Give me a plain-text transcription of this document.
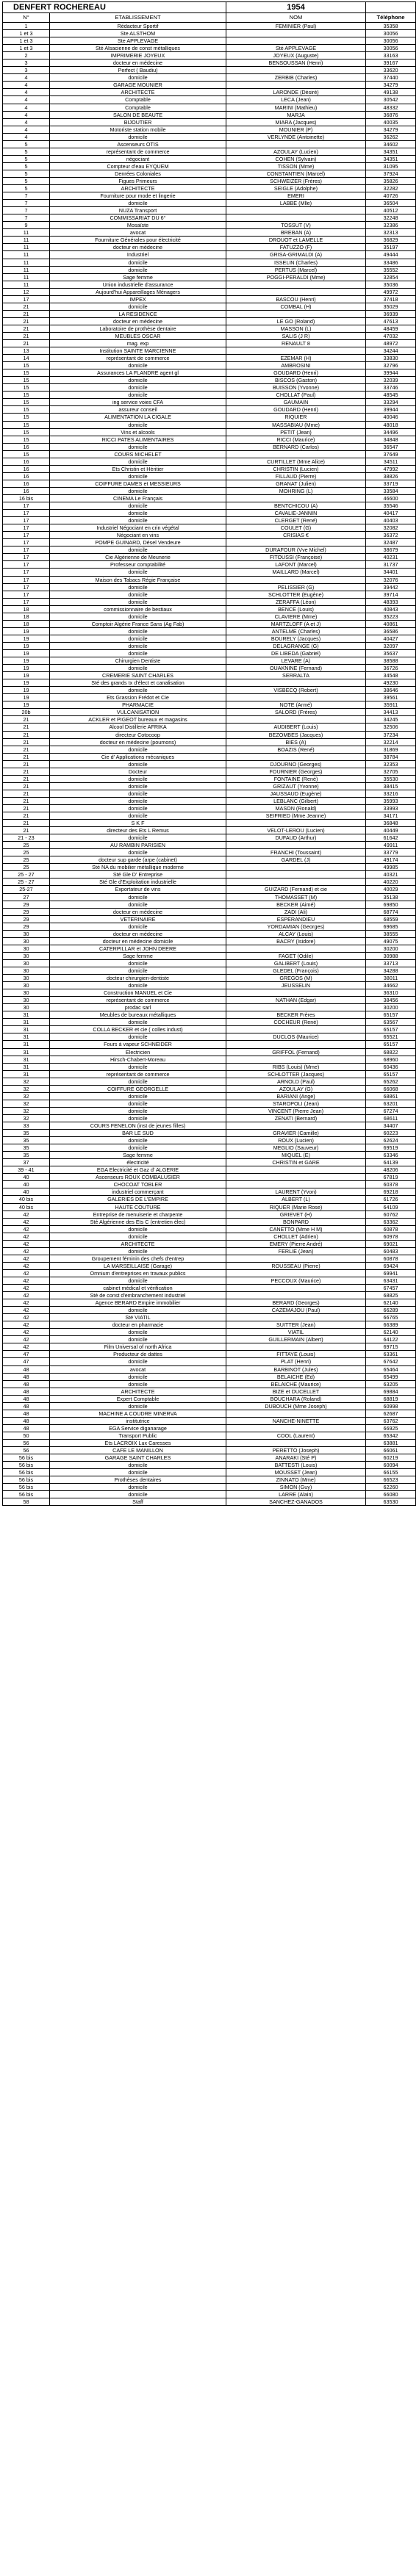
DENFERT ROCHEREAU		1954	
N°	ETABLISSEMENT	NOM	Téléphone
1	Rédacteur Sportif	FEMINIER (Paul)	35358
1 et 3	Ste ALSTHOM		30056
1 et 3	Ste APPLEVAGE		30056
1 et 3	Sté Alsacienne de const métalliques	Sté APPLEVAGE	30056
2	IMPRIMERIE JOYEUX	JOYEUX (Auguste)	33163
3	docteur en médecine	BENSOUSSAN (Henri)	39167
3	Perfect ( Baudiu)		33620
4	domicile	ZERBIB (Charles)	37440
4	GARAGE MOUNIER		34279
4	ARCHITECTE	LARONDE (Désiré)	49138
4	Comptable	LECA (Jean)	30542
4	Comptable	MARINI (Mathieu)	48332
4	SALON DE BEAUTE	MARJA	36876
4	BIJOUTIER	MIARA (Jacques)	40035
4	Motoriste station mobile	MOUNIER (P)	34279
4	domicile	VERLYNDE (Antoinette)	36262
5	Ascenseurs OTIS		34602
5	représentant de commerce	AZOULAY (Lucien)	34351
5	négociant	COHEN (Sylvain)	34351
5	Compteur d'eau EYQUEM	TISSON (Mme)	31095
5	Denrées Coloniales	CONSTANTIEN (Marcel)	37924
5	Figues Primeurs	SCHWEIZER (Frères)	35826
5	ARCHITECTE	SEIGLE (Adolphe)	32282
7	Fourniture pour mode et lingerie	EMERI	40726
7	domicile	LABBE (Mlle)	36504
7	NUZA Transport		40512
7	COMMISSARIAT DU 6°		32248
9	Mosaïste	TOSSUT (V)	32386
11	avocat	BREBAN (A)	32313
11	Fourniture Générales pour électricité	DROUOT et LAMELLE	36829
11	docteur en médecine	FATUZZO (F)	35197
11	Industriel	GRISA-GRIMALDI (A)	49444
11	domicile	ISSELIN (Charles)	33486
11	domicile	PERTUS (Marcel)	35552
11	Sage femme	POGGI-PERALDI (Mme)	32854
11	Union industrielle d'assurance		35036
12	Aujourd'hui Appareillages Ménagers		49972
17	IMPEX	BASCOU (Henri)	37418
21	domicile	COMBAL (H)	35029
21	LA RESIDENCE		36939
21	docteur en médecine	LE GO (Roland)	47613
21	Laboratoire de prothèse dentaire	MASSON (L)	48459
21	MEUBLES OSCAR	SALIS (J R)	47032
21	mag. exp	RENAULT 8	48972
13	Institution SAINTE MARCIENNE		34244
14	représentant de commerce	EZEMAR (H)	33830
15	domicile	AMBROSINI	32796
15	Assurances LA FLANDRE agent gl	GOUDARD (Henri)	39944
15	domicile	BISCOS (Gaston)	32039
15	domicile	BUISSON (Yvonne)	33746
15	domicile	CHOLLAT (Paul)	48545
15	ing service voies CFA	GAUMAIN	33294
15	assureur conseil	GOUDARD (Henri)	39944
15	ALIMENTATION LA CIGALE	RIQUIER	40046
15	domicile	MASSABIAU (Mme)	48018
15	Vins et alcools	PETIT (Jean)	34496
15	RICCI PATES ALIMENTAIRES	RICCI (Maurice)	34848
16	domicile	BERNARD (Carlos)	36547
15	COURS MICHELET		37649
16	domicile	CURTILLET (Mme Alice)	34511
16	Ets Christin et Héritier	CHRISTIN (Lucien)	47992
16	domicile	FILLAUD (Pierre)	38826
16	COIFFURE DAMES et MESSIEURS	GRANAT (Julien)	33719
16	domicile	MOHRING (L)	33584
16 bis	CINEMA Le Français		46600
17	domicile	BENTCHICOU (A)	35546
17	domicile	CAVALIE-JANNIN	40417
17	domicile	CLERGET (René)	40403
17	Industriel Négociant en crin végétal	COULET (G)	32082
17	Négociant en vins	CRISIAS €	36372
17	POMPE GUINARD, Désel Vendeure		32487
17	domicile	DURAFOUR (Vve Michel)	38679
17	Cie Algérienne de Meunerie	FITOUSSI (Françoise)	40231
17	Professeur comptabilité	LAFONT (Marcel)	31737
17	domicile	MAILLARD (Marcel)	34401
17	Maison des Tabacs Régie Française		32076
17	domicile	PELISSIER (G)	39442
17	domicile	SCHLOTTER (Eugène)	39714
17	domicile	ZERAFFA (Léon)	48393
18	commissionnaire de bestiaux	BENCE (Louis)	40843
18	domicile	CLAVIERE (Mme)	35223
18	Comptoir Algérie France Sans (Ag Fab)	MARTZLOFF (A et J)	40861
19	domicile	ANTELME (Charles)	36586
19	domicile	BOURELY (Jacques)	40427
19	domicile	DELAGRANGE (G)	32097
19	domicile	DE LIBEDA (Gabriel)	35637
19	Chirurgien Dentiste	LEVARE (A)	38588
19	domicile	OUAKNINE (Fernand)	36726
19	CREMERIE SAINT CHARLES	SERRALTA	34548
19	Sté des grands tx d'élect et canalisation		49230
19	domicile	VISBECQ (Robert)	38646
19	Ets Grassion Frédot et Cie		39561
19	PHARMACIE	NOTE (Armé)	35911
20b	VULCANISATION	SALORD (Frères)	34413
21	ACKLER et PIGEOT bureaux et magasins		34245
21	Alcool Distillerie AFRIKA	AUDIBERT (Louis)	32506
21	directeur Cotocoop	BEZOMBES (Jacques)	37234
21	docteur en médecine (poumons)	BIES (A)	32214
21	domicile	BOAZIS (René)	31869
21	Cie d' Applications mécaniques		38784
21	domicile	DJOURNO (Georges)	32353
21	Docteur	FOURNIER (Georges)	32705
21	domicile	FONTAINE (René)	35530
21	domicile	GRIZAUT (Yvonne)	38415
21	domicile	JAUSSAUD (Eugène)	33216
21	domicile	LEBLANC (Gilbert)	35993
21	domicile	MASON (Ronald)	33993
21	domicile	SEIFRIED (Mme Jeanne)	34171
21	S K F		36848
21	directeur des Ets L Remus	VELOT-LEROU (Lucien)	40449
21 - 23	domicile	DUFAUD (Arthur)	61642
25	AU RAMBIN PARISIEN		49911
25	domicile	FRANCHI (Toussaint)	33779
25	docteur sup garde (arpe (cabinet)	GARDEL (J)	49174
25	Sté NA du mobilier métallique moderne		49985
25 - 27	Sté Gle D' Entreprise		40321
25 - 27	Sté Gle d'Exploitation industrielle		40220
25-27	Exportateur de vins	GUIZARD (Fernand) et cie	40029
27	domicile	THOMASSET (M)	35138
29	domicile	BECKER (Aimé)	69850
29	docteur en médecine	ZADI (Ali)	68774
29	VETERINAIRE	ESPERANDIEU	68559
29	domicile	YORDAMIAN (Georges)	69685
30	docteur en médecine	ALCAY (Louis)	38555
30	docteur en médecine domicile	BACRY (Isidore)	49075
30	CATERPILLAR et JOHN DEERE		30200
30	Sage femme	FAGET (Odile)	30988
30	domicile	GALIBERT (Louis)	33713
30	domicile	GLEDEL (François)	34288
30	docteur chirurgien-dentiste	GREGOS (M)	38011
30	domicile	JEUSSELIN	34662
30	Construction MANUEL et Cie		36310
30	représentant de commerce	NATHAN (Edgar)	38456
30	prodac sarl		30200
31	Meubles de bureaux métalliques	BECKER Frères	65157
31	domicile	COCHEUR (René)	63567
31	COLLA BECKER et cie ( colles indust)		65157
31	domicile	DUCLOS (Maurice)	65521
31	Fours à vapeur SCHNEIDER		65157
31	Electricien	GRIFFOL (Fernand)	68822
31	Hirsch-Chabert-Moreau		68960
31	domicile	RIBS (Louis) (Mme)	60436
31	représentant de commerce	SCHLOTTER (Jacques)	65157
32	domicile	ARNOLD (Paul)	65262
32	COIFFURE GEORGELLE	AZOULAY (G)	66068
32	domicile	BARIANI (Ange)	68861
32	domicile	STAROPOLI (Jean)	63201
32	domicile	VINCENT (Pierre Jean)	67274
32	domicile	ZENATI (Bernard)	68611
33	COURS FENELON (inst de jeunes filles)		34407
35	BAR LE SUD	GRAVIER (Camille)	60223
35	domicile	ROUX (Lucien)	62624
35	domicile	MEGLIO (Sauveur)	69519
35	Sage femme	MIQUEL (E)	63346
37	électricité	CHRISTIN et GARE	64139
39 - 41	EGA Electricité et Gaz d' ALGERIE		48206
40	Ascenseurs ROUX COMBALUSIER		67819
40	CHOCOAT TOBLER		60378
40	industriel commerçant	LAURENT (Yvon)	69218
40 bis	GALERIES DE L'EMPIRE	ALBERT (L)	61726
40 bis	HAUTE COUTURE	RIQUER (Marie Rose)	64109
42	Entreprise de menuiserie et charpente	GRIEVET (H)	60762
42	Sté Algérienne des Ets C (entretien élec)	BONPARD	63362
42	domicile	CANETTO (Mme H M)	60878
42	domicile	CHOLLET (Adrien)	60978
42	ARCHITECTE	EMERY (Pierre André)	69021
42	domicile	FERLIE (Jean)	60483
42	Groupement féminin des chefs d'entrep		60878
42	LA MARSEILLAISE (Garage)	ROUSSEAU (Pierre)	69424
42	Omnium d'entreprises en travaux publics		69941
42	domicile	PECCOUX (Maurice)	63431
42	cabinet médical et vérification		67457
42	Sté de const d'embranchement industriel		68825
42	Agence BERARD Empire immobilier	BERARD (Georges)	62140
42	domicile	CAZEMAJOU (Paul)	66289
42	Sté VIATIL		66765
42	docteur en pharmacie	SUITTER (Jean)	66389
42	domicile	VIATIL	62140
42	domicile	GUILLERMAIN (Albert)	64122
42	Film Universal of north Africa		69715
47	Producteur de dattes	FITTAYE (Louis)	63361
47	domicile	PLAT (Henri)	67642
48	avocat	BARBINOT (Jules)	65464
48	domicile	BELAICHE (Ed)	65499
48	domicile	BELAICHE (Maurice)	63205
48	ARCHITECTE	BIZE et DUCELLET	69884
48	Expert Comptable	BOUCHARA (Roland)	68819
48	domicile	DUBOUCH (Mme Joseph)	60998
48	MACHINE A COUDRE MINERVA		62687
48	institutrice	NANCHE-NINETTE	63762
48	EGA Service diganarage		66925
50	Transport Public	COOL (Laurent)	65342
56	Ets LACROIX Lux Caresses		63881
56	CAFE LE MANILLON	PERETTO (Joseph)	66061
56 bis	GARAGE SAINT CHARLES	ANARAKI (Sté P)	60219
56 bis	domicile	BATTESTI (Louis)	60094
56 bis	domicile	MOUSSET (Jean)	66155
56 bis	Prothèses dentaires	ZINNATO (Mme)	66523
56 bis	domicile	SIMON (Guy)	62260
56 bis	domicile	LARRE (Alain)	66080
58	Staff	SANCHEZ-GANADOS	63530
